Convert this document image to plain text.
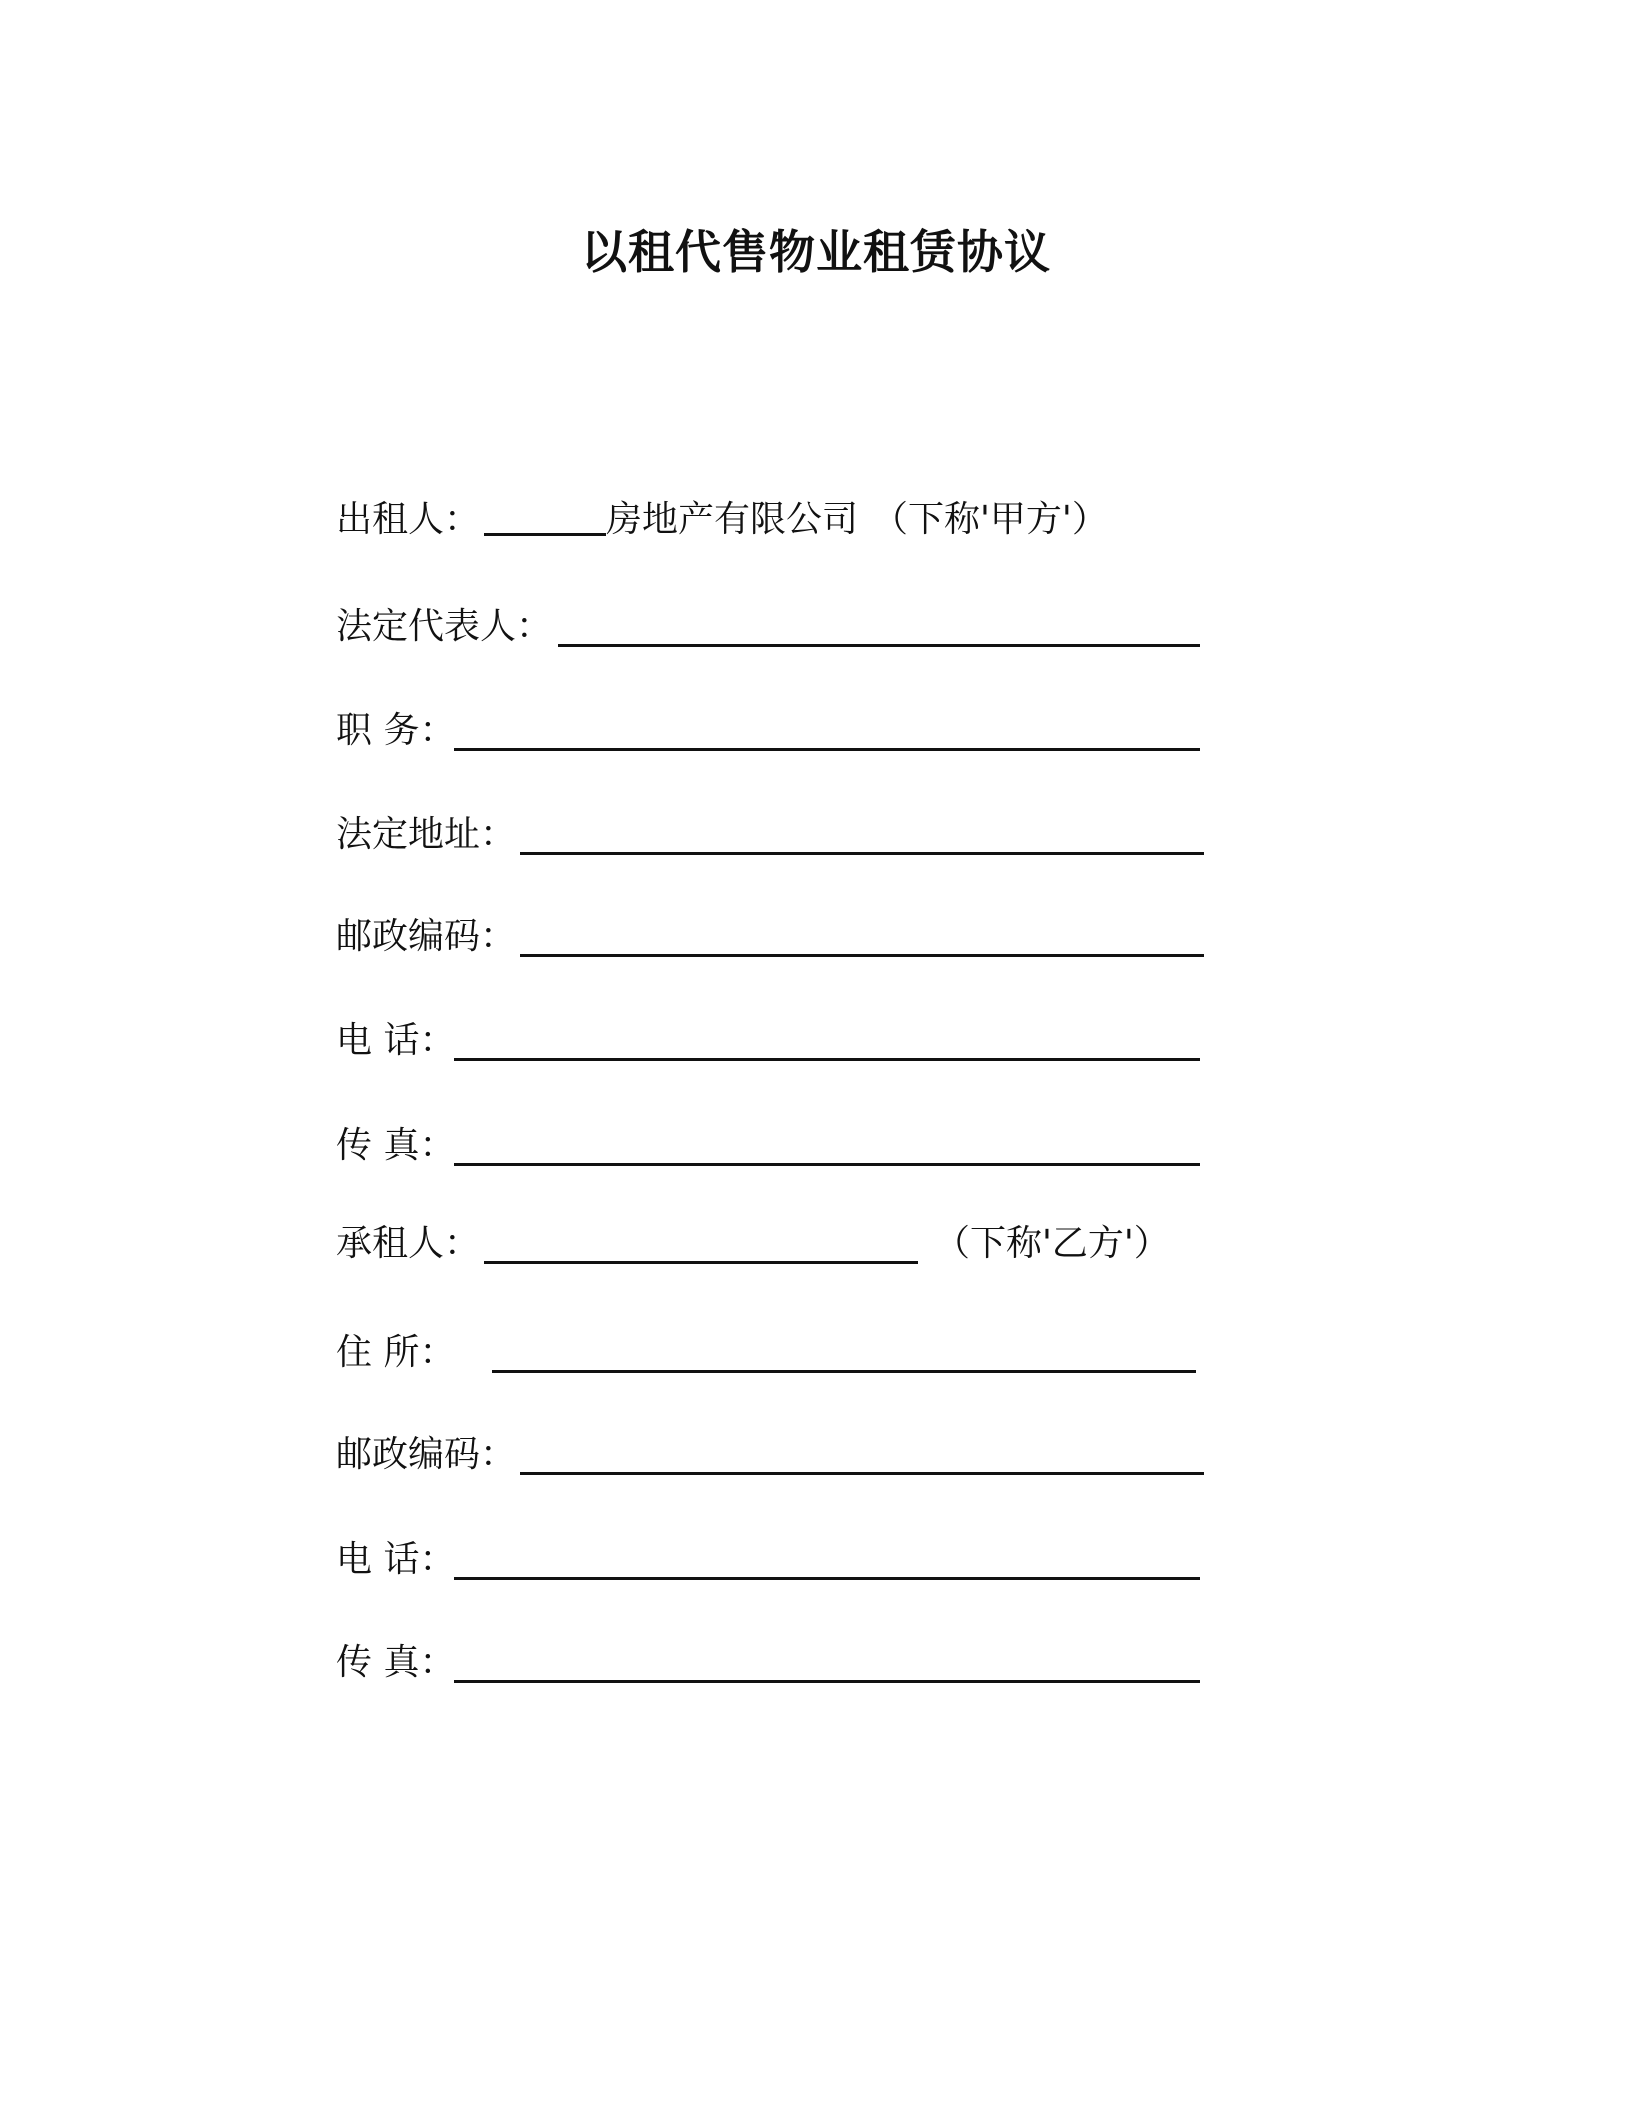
以租代售物业租赁协议
出租人：	房地产有限公司 （下称'甲方'）
法定代表人：
职 务：
法定地址：
邮政编码：
电 话：
传 真：
承租人：	（下称'乙方'）
住 所：
邮政编码：
电 话：
传 真：
